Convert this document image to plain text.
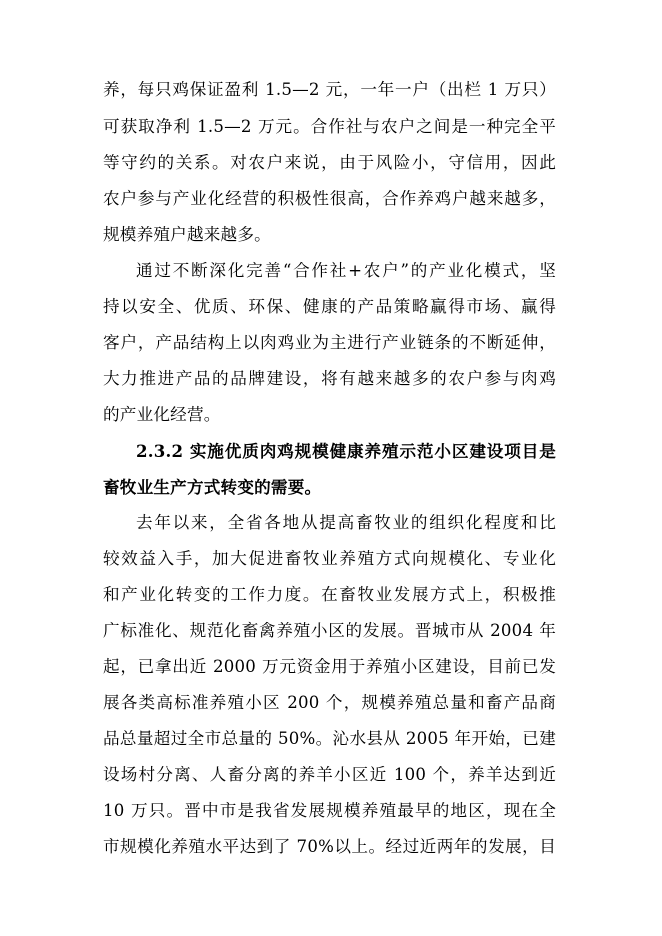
养，每只鸡保证盈利 1.5—2 元，一年一户（出栏 1 万只）
可获取净利 1.5—2 万元。合作社与农户之间是一种完全平
等守约的关系。对农户来说，由于风险小，守信用，因此
农户参与产业化经营的积极性很高，合作养鸡户越来越多，
规模养殖户越来越多。
通过不断深化完善“合作社+农户”的产业化模式，坚
持以安全、优质、环保、健康的产品策略赢得市场、赢得
客户，产品结构上以肉鸡业为主进行产业链条的不断延伸，
大力推进产品的品牌建设，将有越来越多的农户参与肉鸡
的产业化经营。
2.3.2 实施优质肉鸡规模健康养殖示范小区建设项目是
畜牧业生产方式转变的需要。
去年以来，全省各地从提高畜牧业的组织化程度和比
较效益入手，加大促进畜牧业养殖方式向规模化、专业化
和产业化转变的工作力度。在畜牧业发展方式上，积极推
广标准化、规范化畜禽养殖小区的发展。晋城市从 2004 年
起，已拿出近 2000 万元资金用于养殖小区建设，目前已发
展各类高标准养殖小区 200 个，规模养殖总量和畜产品商
品总量超过全市总量的 50%。沁水县从 2005 年开始，已建
设场村分离、人畜分离的养羊小区近 100 个，养羊达到近
10 万只。晋中市是我省发展规模养殖最早的地区，现在全
市规模化养殖水平达到了 70%以上。经过近两年的发展，目
